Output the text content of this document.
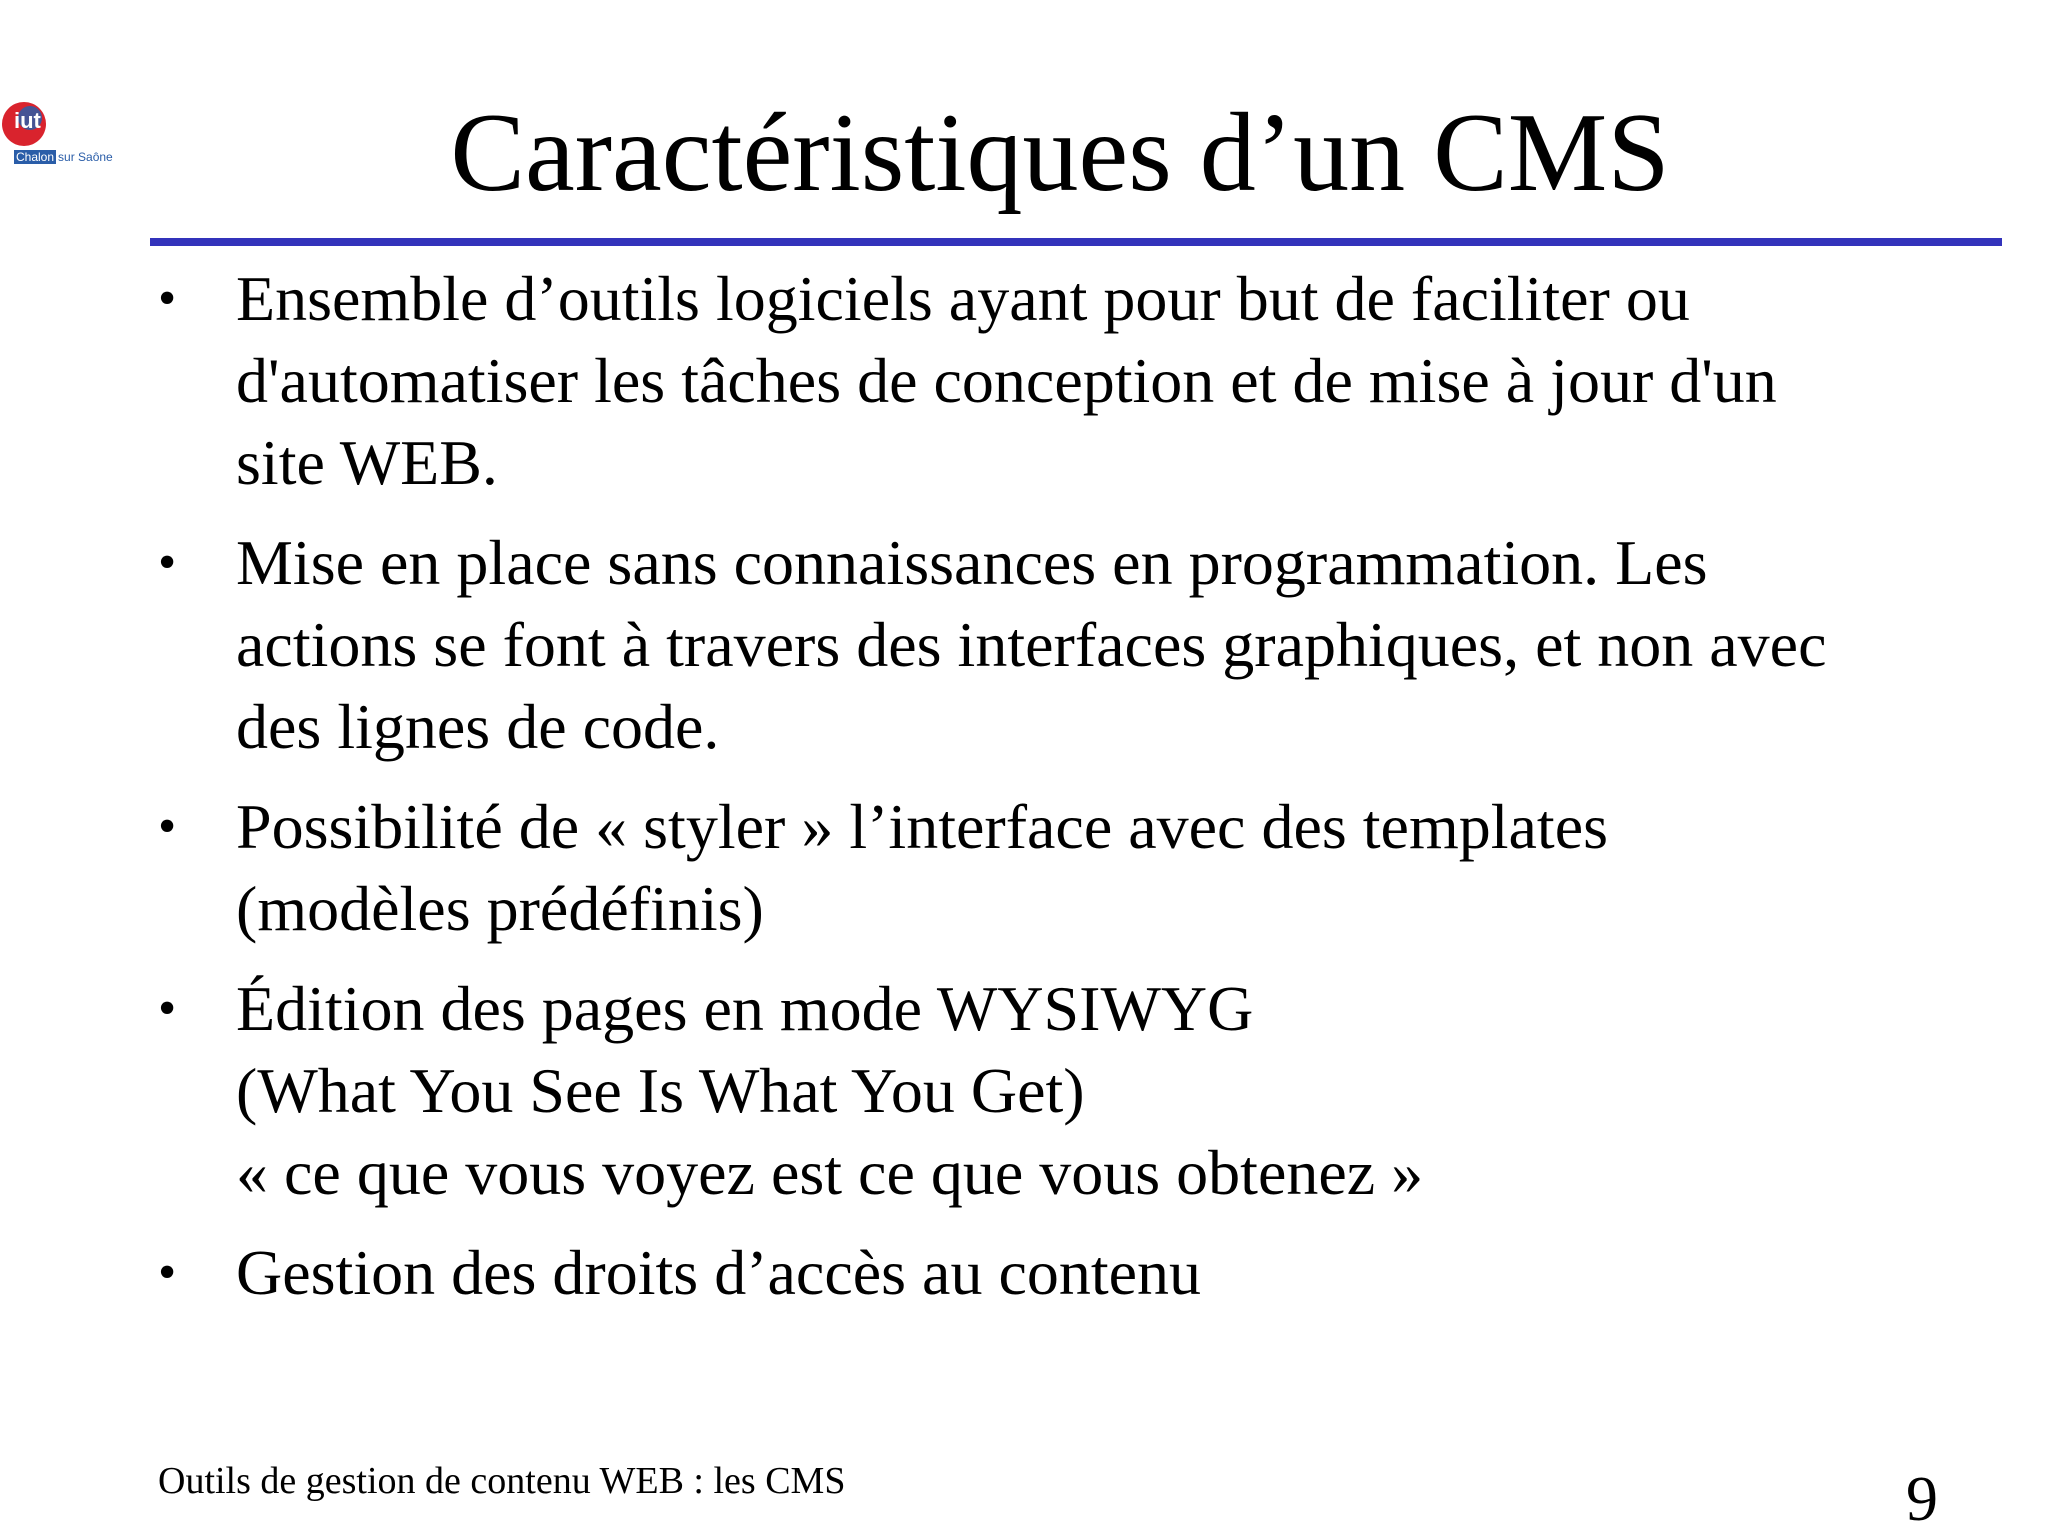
iut
Chalon sur Saône	Caractéristiques d’un CMS
• Ensemble d’outils logiciels ayant pour but de faciliter ou
d'automatiser les tâches de conception et de mise à jour d'un
site WEB.
• Mise en place sans connaissances en programmation. Les
actions se font à travers des interfaces graphiques, et non avec
des lignes de code.
• Possibilité de « styler » l’interface avec des templates
(modèles prédéfinis)
• Édition des pages en mode WYSIWYG
(What You See Is What You Get)
« ce que vous voyez est ce que vous obtenez »
• Gestion des droits d’accès au contenu
Outils de gestion de contenu WEB : les CMS	9
